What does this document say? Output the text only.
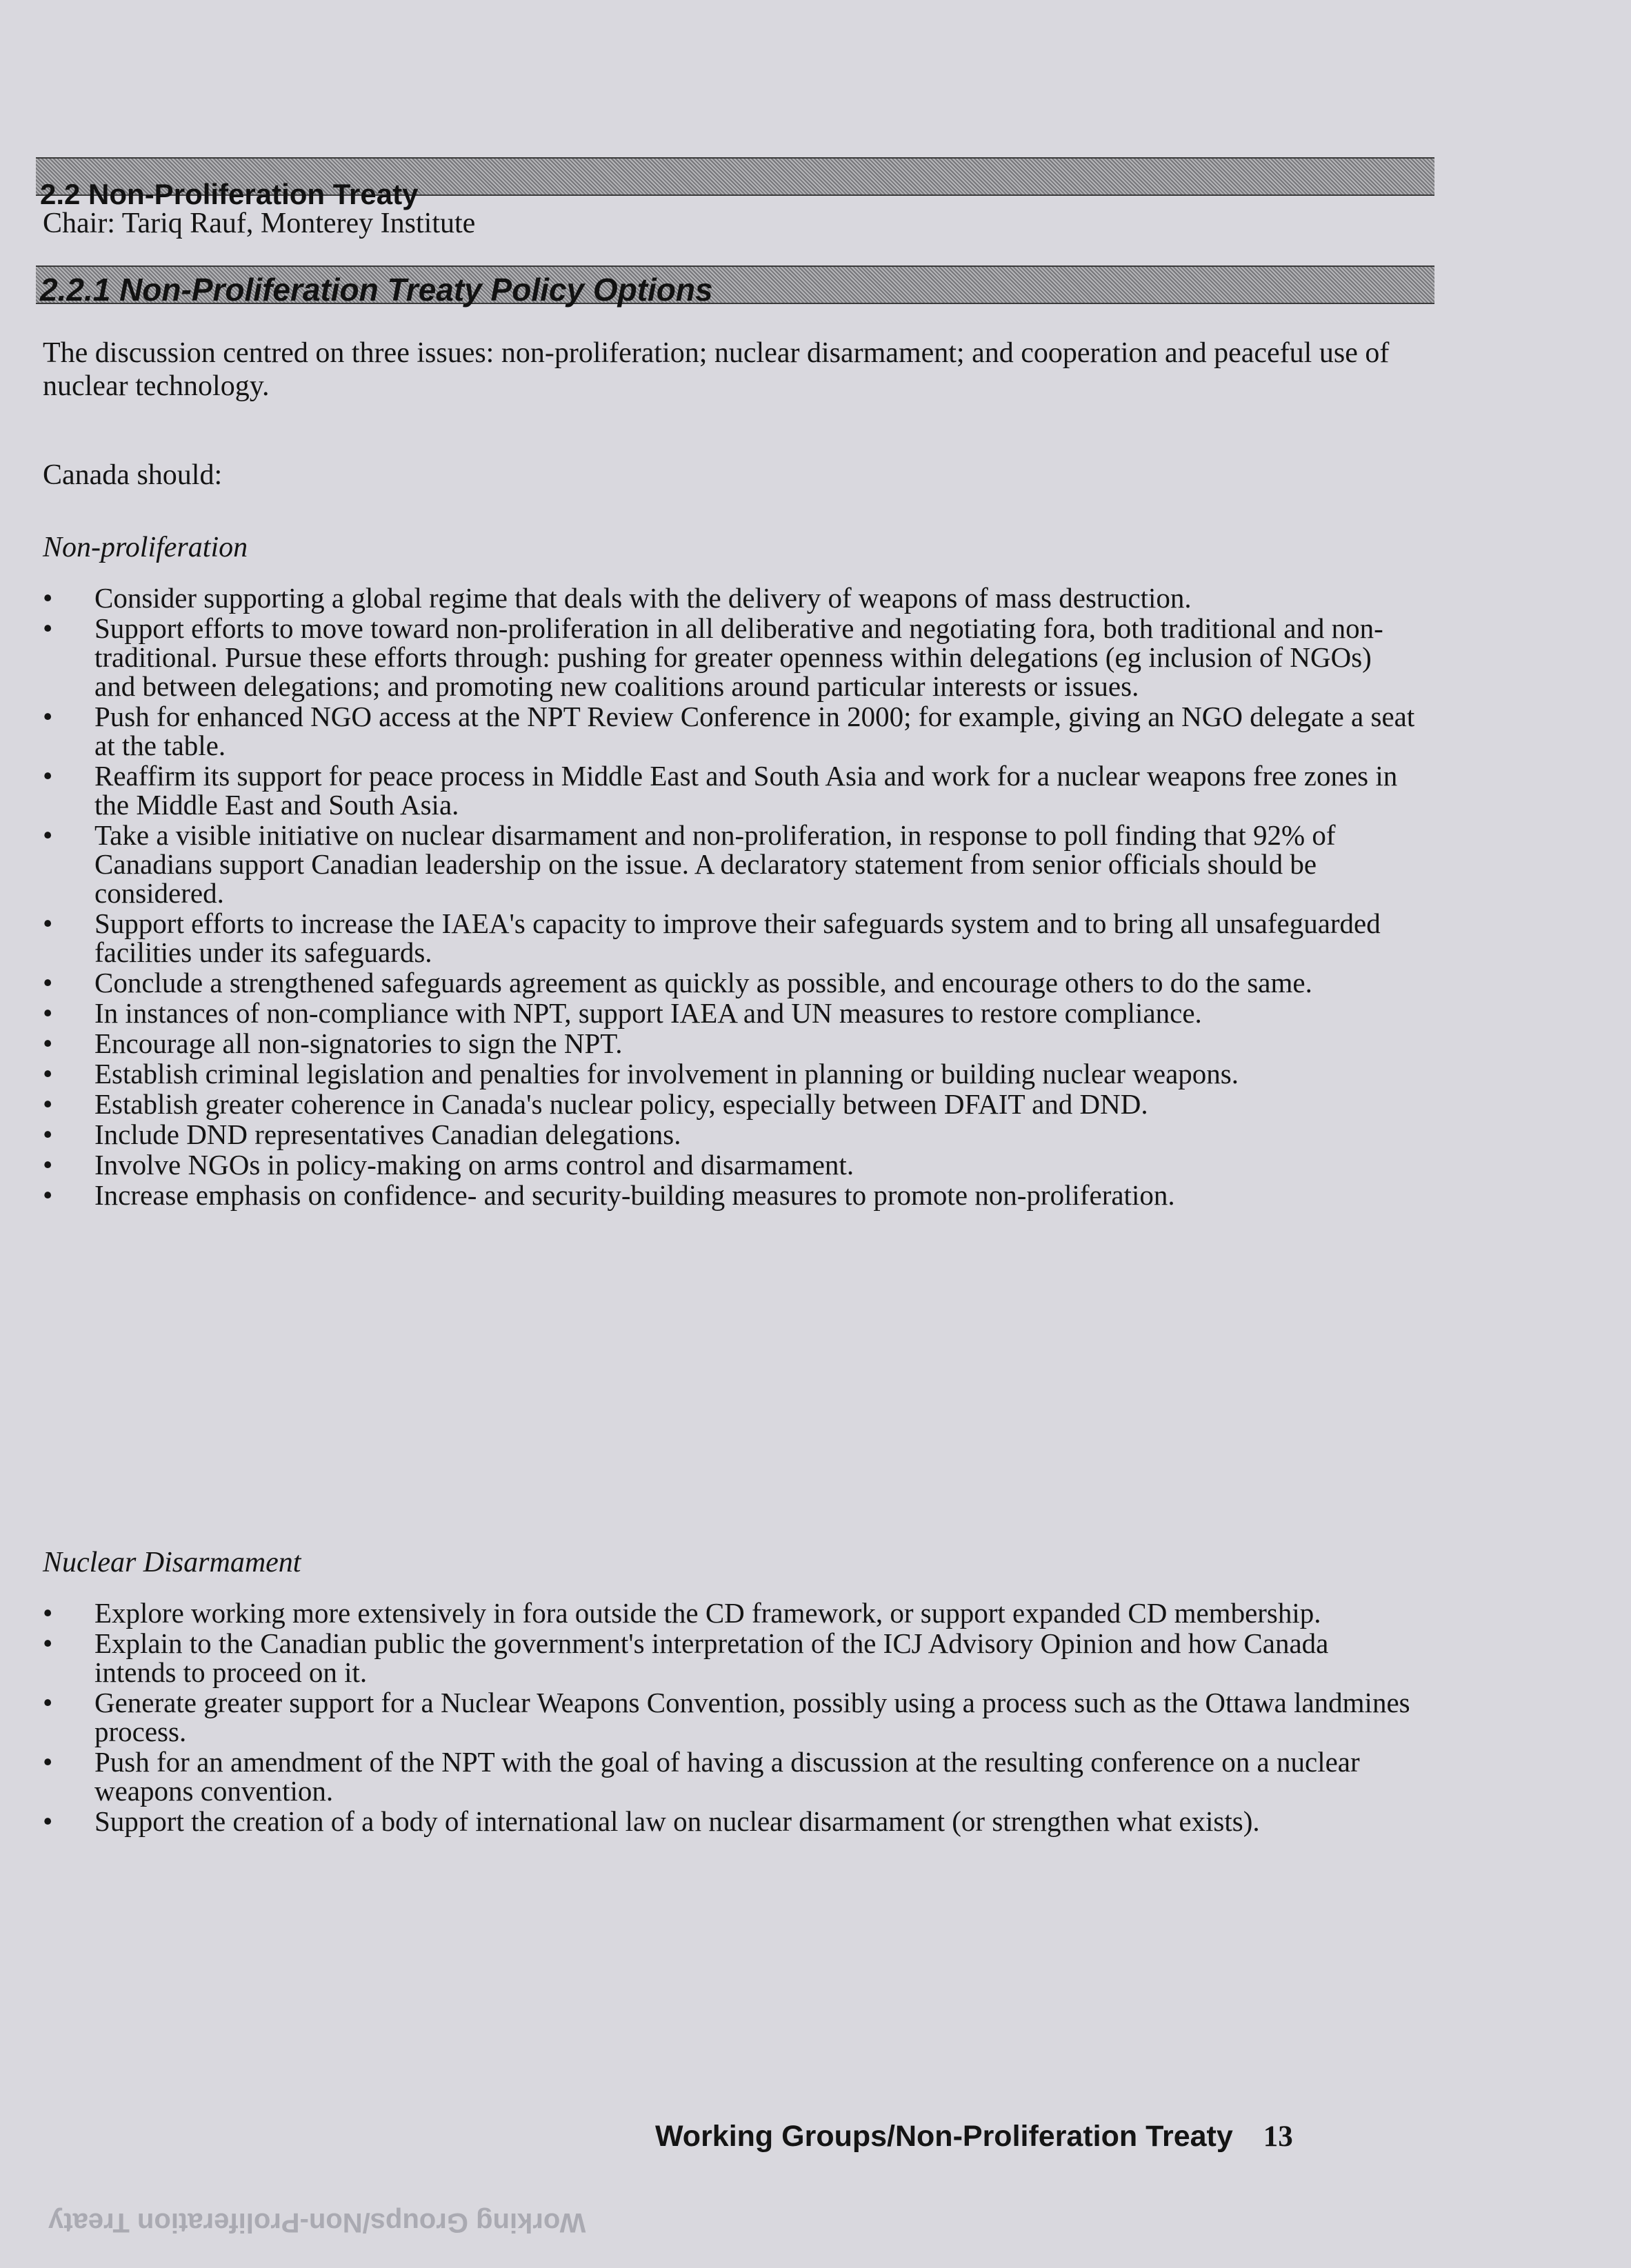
2.2 Non-Proliferation Treaty
Chair: Tariq Rauf, Monterey Institute
2.2.1 Non-Proliferation Treaty Policy Options

The discussion centred on three issues: non-proliferation; nuclear disarmament; and cooperation and peaceful use of nuclear technology.

Canada should:
Non-proliferation
• Consider supporting a global regime that deals with the delivery of weapons of mass destruction.
• Support efforts to move toward non-proliferation in all deliberative and negotiating fora, both traditional and non-traditional. Pursue these efforts through: pushing for greater openness within delegations (eg inclusion of NGOs) and between delegations; and promoting new coalitions around particular interests or issues.
• Push for enhanced NGO access at the NPT Review Conference in 2000; for example, giving an NGO delegate a seat at the table.
• Reaffirm its support for peace process in Middle East and South Asia and work for a nuclear weapons free zones in the Middle East and South Asia.
• Take a visible initiative on nuclear disarmament and non-proliferation, in response to poll finding that 92% of Canadians support Canadian leadership on the issue. A declaratory statement from senior officials should be considered.
• Support efforts to increase the IAEA's capacity to improve their safeguards system and to bring all unsafeguarded facilities under its safeguards.
• Conclude a strengthened safeguards agreement as quickly as possible, and encourage others to do the same.
• In instances of non-compliance with NPT, support IAEA and UN measures to restore compliance.
• Encourage all non-signatories to sign the NPT.
• Establish criminal legislation and penalties for involvement in planning or building nuclear weapons.
• Establish greater coherence in Canada's nuclear policy, especially between DFAIT and DND.
• Include DND representatives Canadian delegations.
• Involve NGOs in policy-making on arms control and disarmament.
• Increase emphasis on confidence- and security-building measures to promote non-proliferation.
Nuclear Disarmament
• Explore working more extensively in fora outside the CD framework, or support expanded CD membership.
• Explain to the Canadian public the government's interpretation of the ICJ Advisory Opinion and how Canada intends to proceed on it.
• Generate greater support for a Nuclear Weapons Convention, possibly using a process such as the Ottawa landmines process.
• Push for an amendment of the NPT with the goal of having a discussion at the resulting conference on a nuclear weapons convention.
• Support the creation of a body of international law on nuclear disarmament (or strengthen what exists).
Working Groups/Non-Proliferation Treaty 13
Working Groups/Non-Proliferation Treaty
